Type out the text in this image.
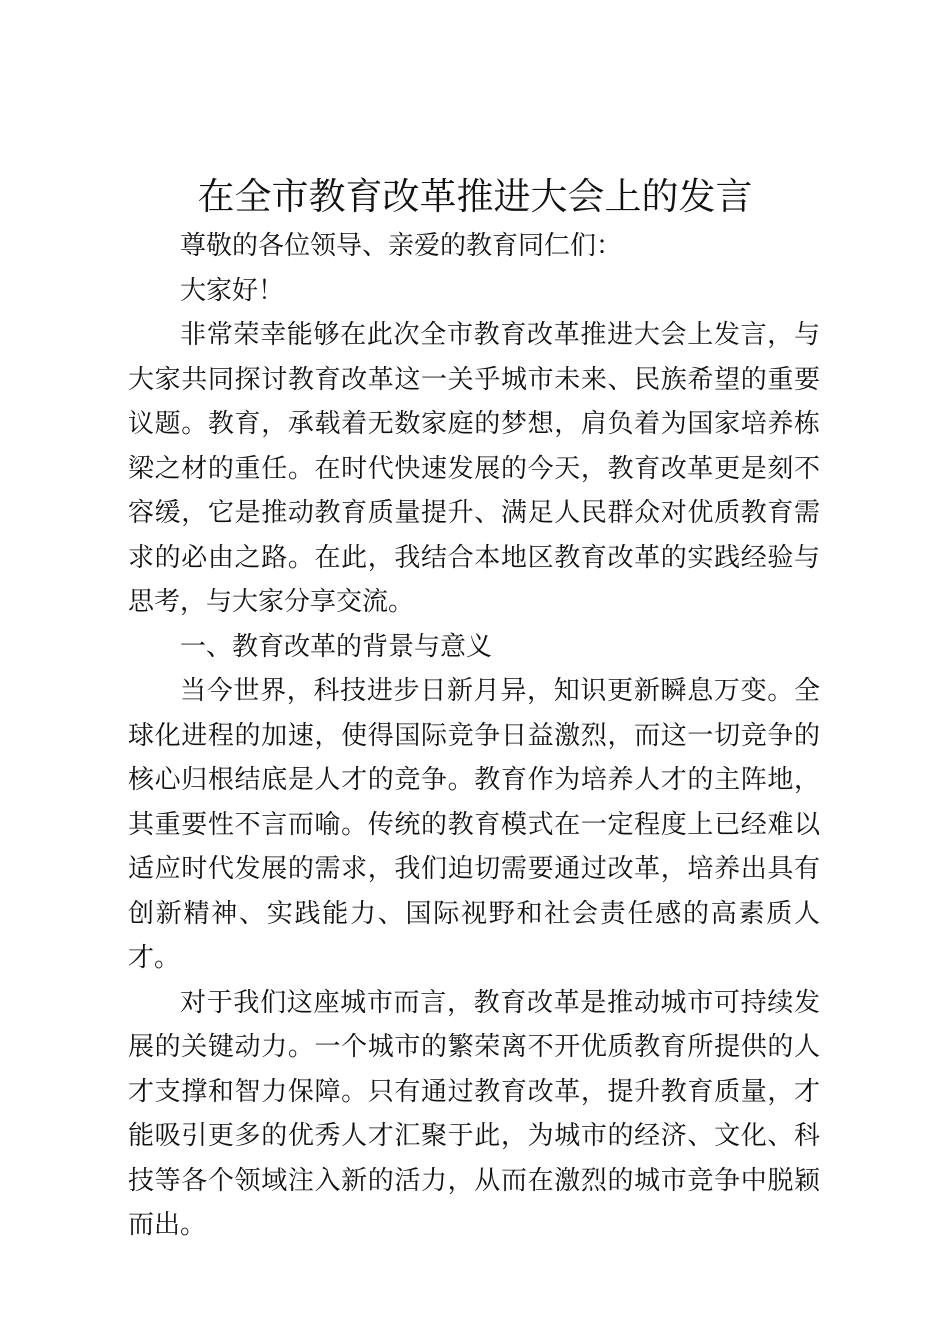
在全市教育改革推进大会上的发言

尊敬的各位领导、亲爱的教育同仁们：

大家好！

非常荣幸能够在此次全市教育改革推进大会上发言，与大家共同探讨教育改革这一关乎城市未来、民族希望的重要议题。教育，承载着无数家庭的梦想，肩负着为国家培养栋梁之材的重任。在时代快速发展的今天，教育改革更是刻不容缓，它是推动教育质量提升、满足人民群众对优质教育需求的必由之路。在此，我结合本地区教育改革的实践经验与思考，与大家分享交流。

一、教育改革的背景与意义

当今世界，科技进步日新月异，知识更新瞬息万变。全球化进程的加速，使得国际竞争日益激烈，而这一切竞争的核心归根结底是人才的竞争。教育作为培养人才的主阵地，其重要性不言而喻。传统的教育模式在一定程度上已经难以适应时代发展的需求，我们迫切需要通过改革，培养出具有创新精神、实践能力、国际视野和社会责任感的高素质人才。

对于我们这座城市而言，教育改革是推动城市可持续发展的关键动力。一个城市的繁荣离不开优质教育所提供的人才支撑和智力保障。只有通过教育改革，提升教育质量，才能吸引更多的优秀人才汇聚于此，为城市的经济、文化、科技等各个领域注入新的活力，从而在激烈的城市竞争中脱颖而出。
